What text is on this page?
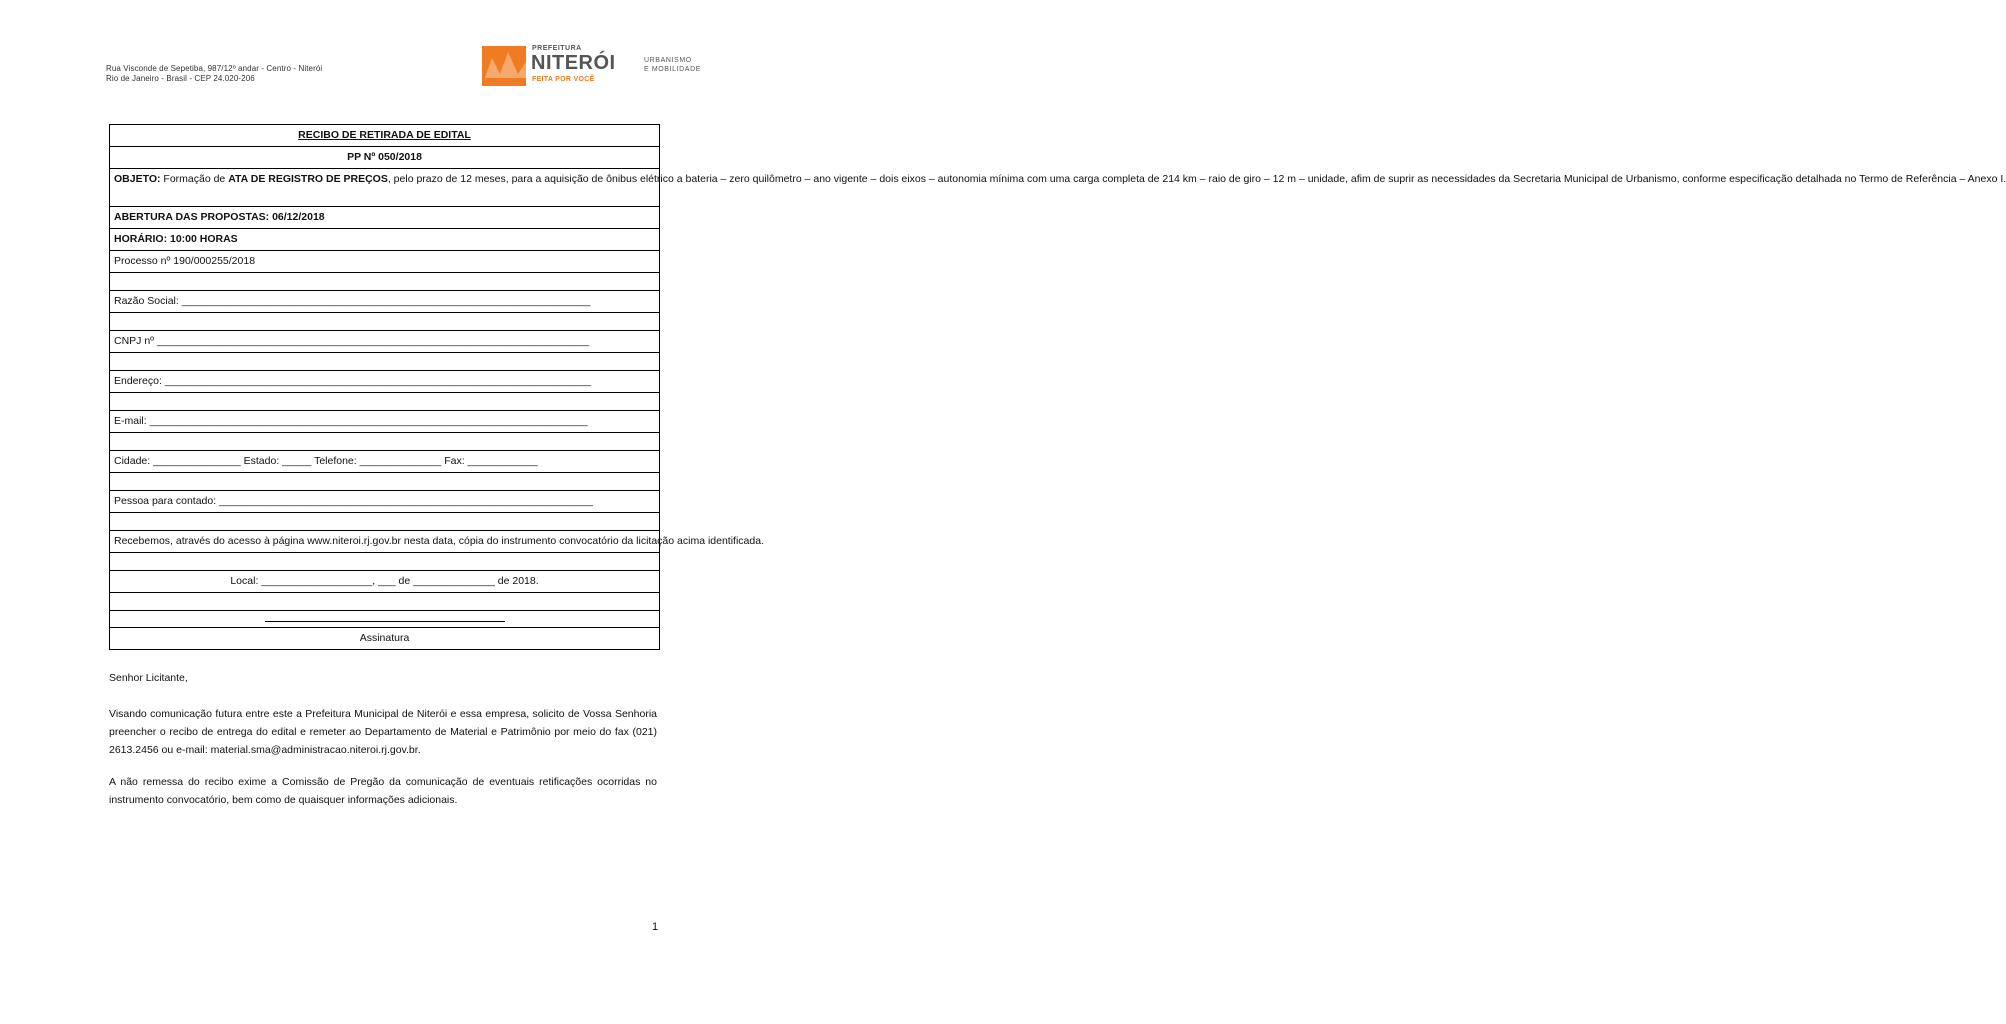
Rua Visconde de Sepetiba, 987/12º andar - Centro - Niterói
Rio de Janeiro - Brasil - CEP 24.020-206
PREFEITURA
NITERÓI
FEITA POR VOCÊ
URBANISMO
E MOBILIDADE
RECIBO DE RETIRADA DE EDITAL
PP Nº 050/2018
OBJETO: Formação de ATA DE REGISTRO DE PREÇOS, pelo prazo de 12 meses, para a aquisição de ônibus elétrico a bateria – zero quilômetro – ano vigente – dois eixos – autonomia mínima com uma carga completa de 214 km – raio de giro – 12 m – unidade, afim de suprir as necessidades da Secretaria Municipal de Urbanismo, conforme especificação detalhada no Termo de Referência – Anexo I.
ABERTURA DAS PROPOSTAS: 06/12/2018
HORÁRIO: 10:00 HORAS
Processo nº 190/000255/2018

Razão Social: ______________________________________________________________________

CNPJ nº __________________________________________________________________________

Endereço: _________________________________________________________________________

E-mail: ___________________________________________________________________________

Cidade: _______________ Estado: _____ Telefone: ______________ Fax: ____________

Pessoa para contado: ________________________________________________________________

Recebemos, através do acesso à página www.niteroi.rj.gov.br nesta data, cópia do instrumento convocatório da licitação acima identificada.

Local: ___________________, ___ de ______________ de 2018.

Assinatura
Senhor Licitante,
Visando comunicação futura entre este a Prefeitura Municipal de Niterói e essa empresa, solicito de Vossa Senhoria preencher o recibo de entrega do edital e remeter ao Departamento de Material e Patrimônio por meio do fax (021) 2613.2456 ou e-mail: material.sma@administracao.niteroi.rj.gov.br.
A não remessa do recibo exime a Comissão de Pregão da comunicação de eventuais retificações ocorridas no instrumento convocatório, bem como de quaisquer informações adicionais.
1
